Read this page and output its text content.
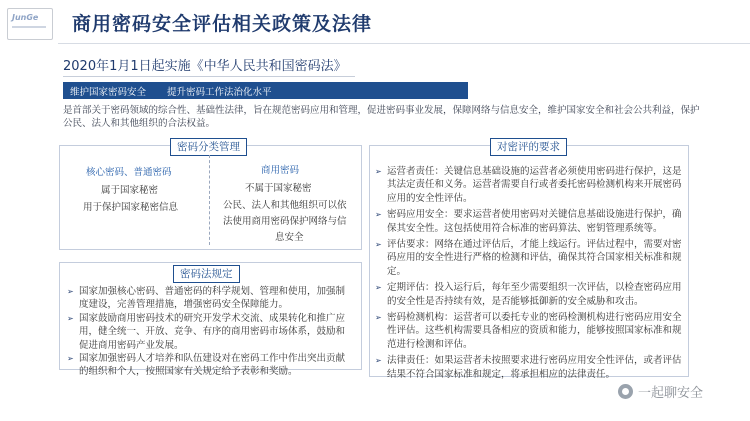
JunGe 商用密码安全评估相关政策及法律
2020年1月1日起实施《中华人民共和国密码法》
维护国家密码安全 提升密码工作法治化水平
是首部关于密码领域的综合性、基础性法律，旨在规范密码应用和管理，促进密码事业发展，保障网络与信息安全，维护国家安全和社会公共利益，保护公民、法人和其他组织的合法权益。
密码分类管理
核心密码、普通密码
属于国家秘密
用于保护国家秘密信息
商用密码
不属于国家秘密
公民、法人和其他组织可以依
法使用商用密码保护网络与信
息安全
密码法规定
➢ 国家加强核心密码、普通密码的科学规划、管理和使用，加强制度建设，完善管理措施，增强密码安全保障能力。
➢ 国家鼓励商用密码技术的研究开发学术交流、成果转化和推广应用，健全统一、开放、竞争、有序的商用密码市场体系，鼓励和促进商用密码产业发展。
➢ 国家加强密码人才培养和队伍建设对在密码工作中作出突出贡献的组织和个人，按照国家有关规定给予表彰和奖励。
对密评的要求
➢ 运营者责任：关键信息基础设施的运营者必须使用密码进行保护，这是其法定责任和义务。运营者需要自行或者委托密码检测机构来开展密码应用的安全性评估。
➢ 密码应用安全：要求运营者使用密码对关键信息基础设施进行保护，确保其安全性。这包括使用符合标准的密码算法、密钥管理系统等。
➢ 评估要求：网络在通过评估后，才能上线运行。评估过程中，需要对密码应用的安全性进行严格的检测和评估，确保其符合国家相关标准和规定。
➢ 定期评估：投入运行后，每年至少需要组织一次评估，以检查密码应用的安全性是否持续有效，是否能够抵御新的安全威胁和攻击。
➢ 密码检测机构：运营者可以委托专业的密码检测机构进行密码应用安全性评估。这些机构需要具备相应的资质和能力，能够按照国家标准和规范进行检测和评估。
➢ 法律责任：如果运营者未按照要求进行密码应用安全性评估，或者评估结果不符合国家标准和规定，将承担相应的法律责任。
一起聊安全
